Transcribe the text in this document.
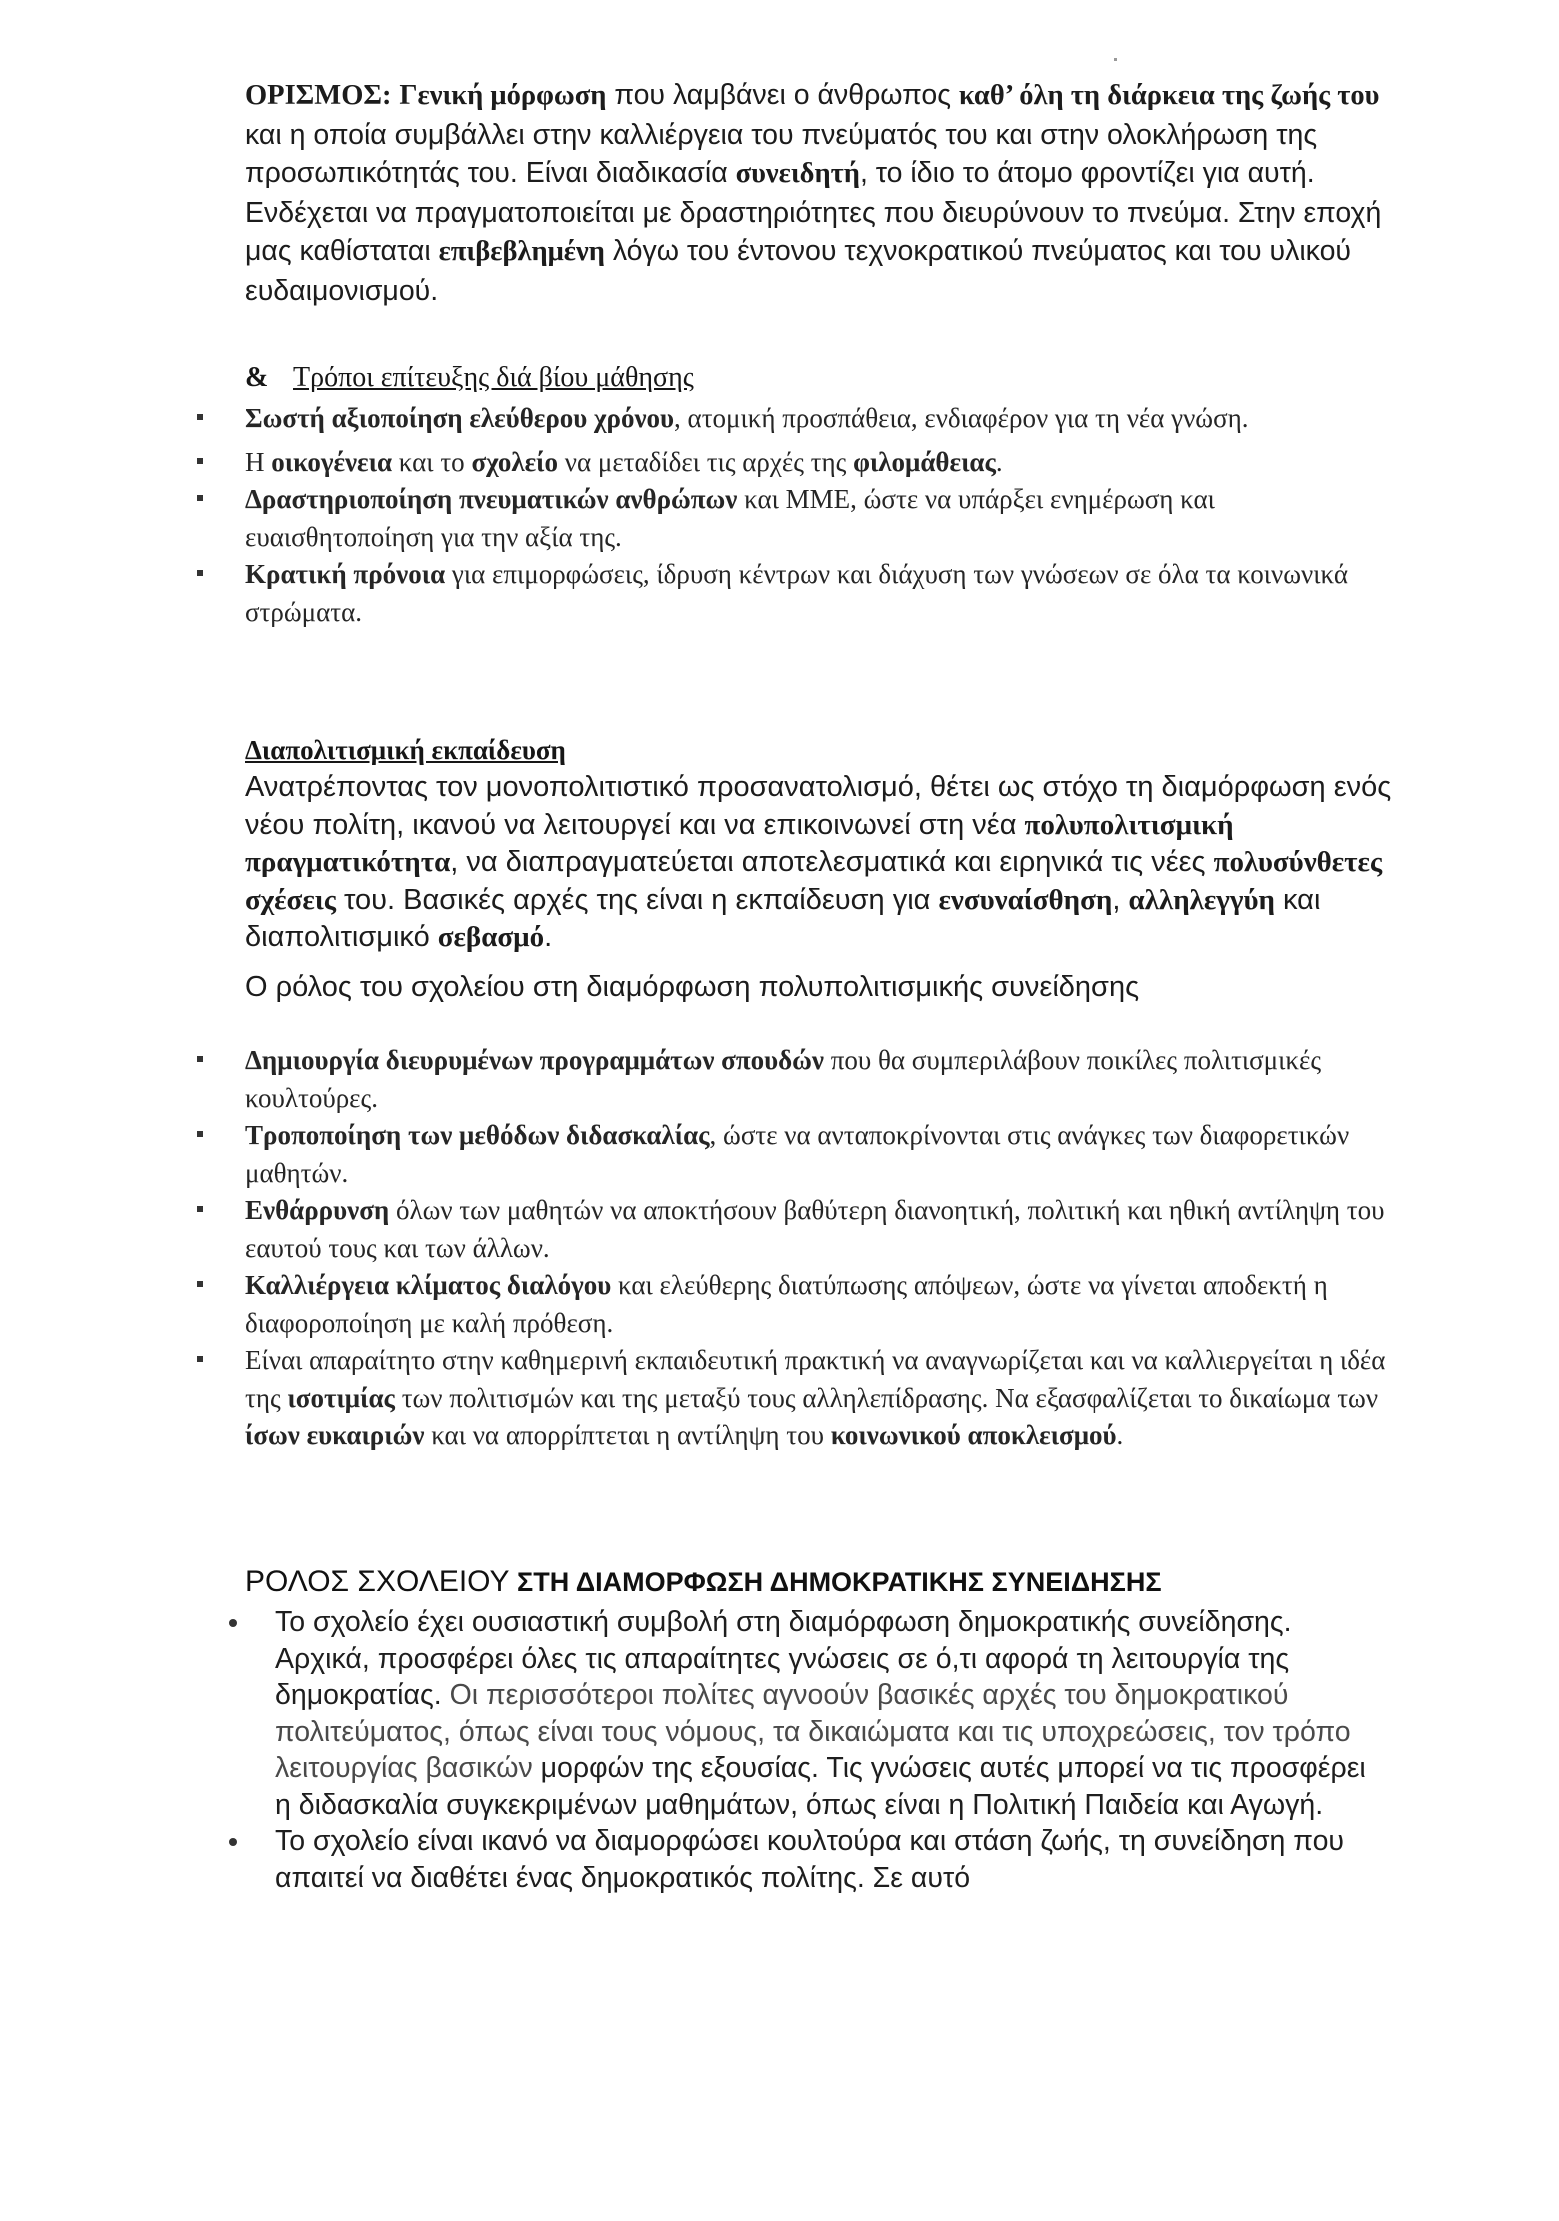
ΟΡΙΣΜΟΣ: Γενική μόρφωση που λαμβάνει ο άνθρωπος καθ’ όλη τη διάρκεια της ζωής του και η οποία συμβάλλει στην καλλιέργεια του πνεύματός του και στην ολοκλήρωση της προσωπικότητάς του. Είναι διαδικασία συνειδητή, το ίδιο το άτομο φροντίζει για αυτή. Ενδέχεται να πραγματοποιείται με δραστηριότητες που διευρύνουν το πνεύμα. Στην εποχή μας καθίσταται επιβεβλημένη λόγω του έντονου τεχνοκρατικού πνεύματος και του υλικού ευδαιμονισμού.
& Τρόποι επίτευξης διά βίου μάθησης
Σωστή αξιοποίηση ελεύθερου χρόνου, ατομική προσπάθεια, ενδιαφέρον για τη νέα γνώση.
Η οικογένεια και το σχολείο να μεταδίδει τις αρχές της φιλομάθειας.
Δραστηριοποίηση πνευματικών ανθρώπων και ΜΜΕ, ώστε να υπάρξει ενημέρωση και ευαισθητοποίηση για την αξία της.
Κρατική πρόνοια για επιμορφώσεις, ίδρυση κέντρων και διάχυση των γνώσεων σε όλα τα κοινωνικά στρώματα.
Διαπολιτισμική εκπαίδευση
Ανατρέποντας τον μονοπολιτιστικό προσανατολισμό, θέτει ως στόχο τη διαμόρφωση ενός νέου πολίτη, ικανού να λειτουργεί και να επικοινωνεί στη νέα πολυπολιτισμική πραγματικότητα, να διαπραγματεύεται αποτελεσματικά και ειρηνικά τις νέες πολυσύνθετες σχέσεις του. Βασικές αρχές της είναι η εκπαίδευση για ενσυναίσθηση, αλληλεγγύη και διαπολιτισμικό σεβασμό.
Ο ρόλος του σχολείου στη διαμόρφωση πολυπολιτισμικής συνείδησης
Δημιουργία διευρυμένων προγραμμάτων σπουδών που θα συμπεριλάβουν ποικίλες πολιτισμικές κουλτούρες.
Τροποποίηση των μεθόδων διδασκαλίας, ώστε να ανταποκρίνονται στις ανάγκες των διαφορετικών μαθητών.
Ενθάρρυνση όλων των μαθητών να αποκτήσουν βαθύτερη διανοητική, πολιτική και ηθική αντίληψη του εαυτού τους και των άλλων.
Καλλιέργεια κλίματος διαλόγου και ελεύθερης διατύπωσης απόψεων, ώστε να γίνεται αποδεκτή η διαφοροποίηση με καλή πρόθεση.
Είναι απαραίτητο στην καθημερινή εκπαιδευτική πρακτική να αναγνωρίζεται και να καλλιεργείται η ιδέα της ισοτιμίας των πολιτισμών και της μεταξύ τους αλληλεπίδρασης. Να εξασφαλίζεται το δικαίωμα των ίσων ευκαιριών και να απορρίπτεται η αντίληψη του κοινωνικού αποκλεισμού.
ΡΟΛΟΣ ΣΧΟΛΕΙΟΥ ΣΤΗ ΔΙΑΜΟΡΦΩΣΗ ΔΗΜΟΚΡΑΤΙΚΗΣ ΣΥΝΕΙΔΗΣΗΣ
Το σχολείο έχει ουσιαστική συμβολή στη διαμόρφωση δημοκρατικής συνείδησης. Αρχικά, προσφέρει όλες τις απαραίτητες γνώσεις σε ό,τι αφορά τη λειτουργία της δημοκρατίας. Οι περισσότεροι πολίτες αγνοούν βασικές αρχές του δημοκρατικού πολιτεύματος, όπως είναι τους νόμους, τα δικαιώματα και τις υποχρεώσεις, τον τρόπο λειτουργίας βασικών μορφών της εξουσίας. Τις γνώσεις αυτές μπορεί να τις προσφέρει η διδασκαλία συγκεκριμένων μαθημάτων, όπως είναι η Πολιτική Παιδεία και Αγωγή.
Το σχολείο είναι ικανό να διαμορφώσει κουλτούρα και στάση ζωής, τη συνείδηση που απαιτεί να διαθέτει ένας δημοκρατικός πολίτης. Σε αυτό
